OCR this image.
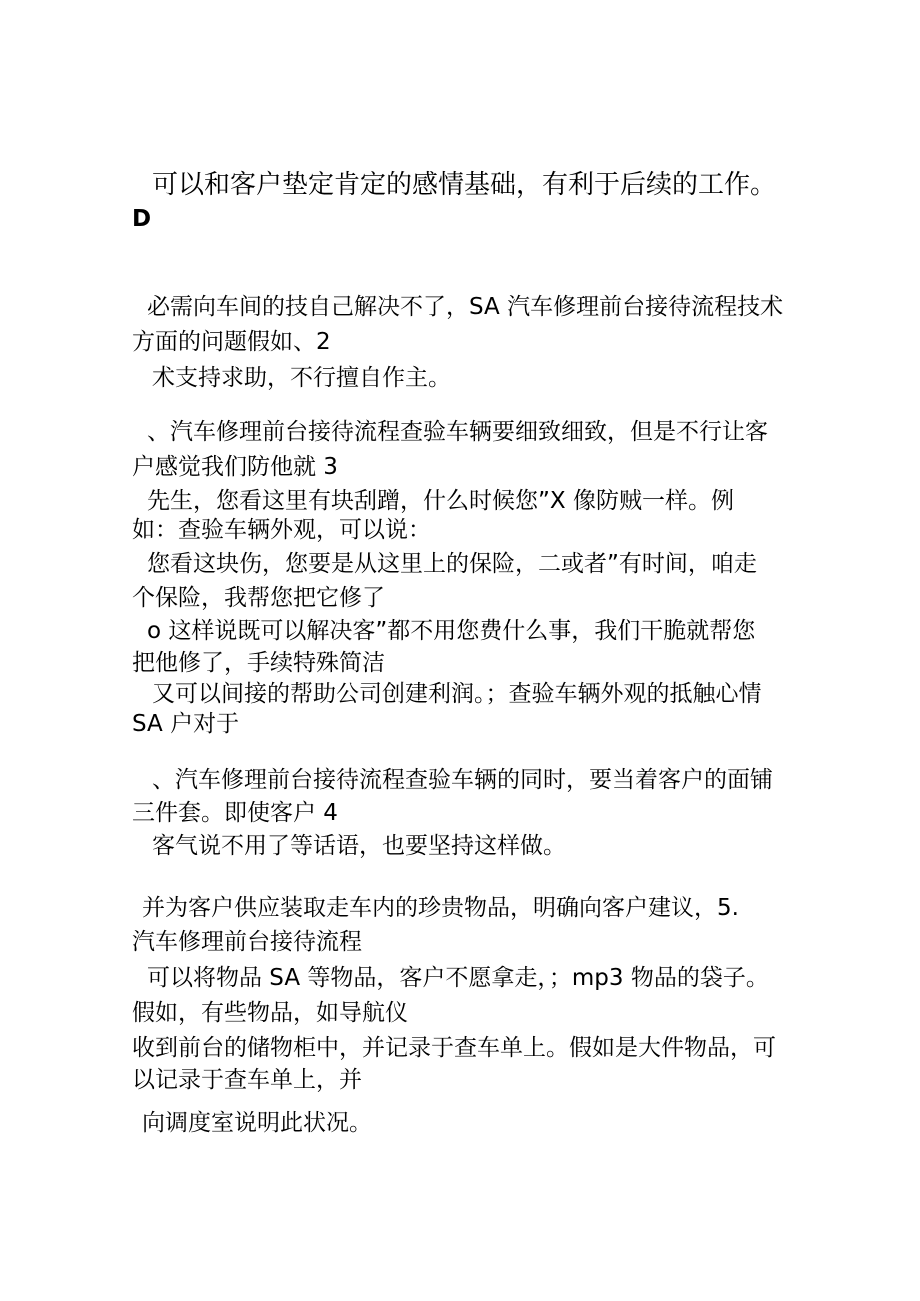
可以和客户垫定肯定的感情基础，有利于后续的工作。
D
必需向车间的技自己解决不了，SA 汽车修理前台接待流程技术
方面的问题假如、2
术支持求助，不行擅自作主。
、汽车修理前台接待流程查验车辆要细致细致，但是不行让客
户感觉我们防他就 3
先生，您看这里有块刮蹭，什么时候您”X 像防贼一样。例
如：查验车辆外观，可以说：
您看这块伤，您要是从这里上的保险，二或者”有时间，咱走
个保险，我帮您把它修了
o 这样说既可以解决客”都不用您费什么事，我们干脆就帮您
把他修了，手续特殊简洁
又可以间接的帮助公司创建利润。；查验车辆外观的抵触心情
SA 户对于
、汽车修理前台接待流程查验车辆的同时，要当着客户的面铺
三件套。即使客户 4
客气说不用了等话语，也要坚持这样做。
并为客户供应装取走车内的珍贵物品，明确向客户建议，5.
汽车修理前台接待流程
可以将物品 SA 等物品，客户不愿拿走，；mp3 物品的袋子。
假如，有些物品，如导航仪
收到前台的储物柜中，并记录于查车单上。假如是大件物品，可
以记录于查车单上，并
向调度室说明此状况。
